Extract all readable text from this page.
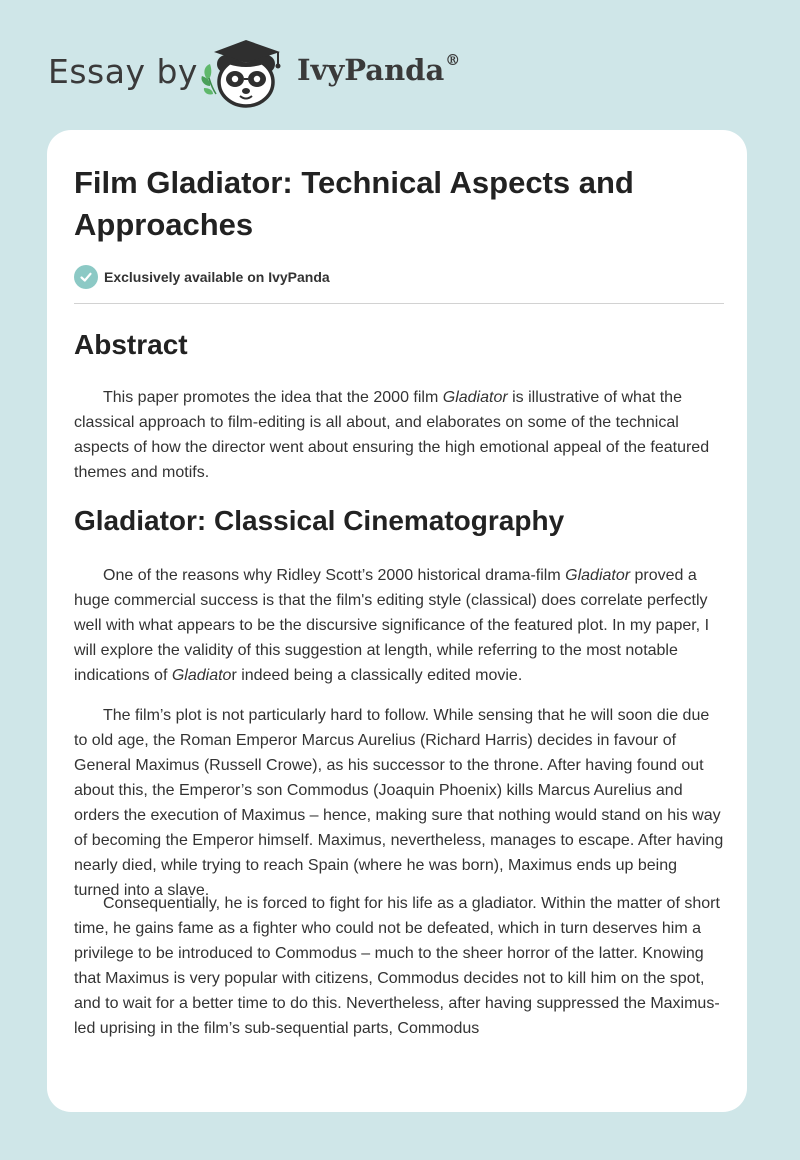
Essay by	IvyPanda®
Film Gladiator: Technical Aspects and Approaches
Exclusively available on IvyPanda
Abstract

This paper promotes the idea that the 2000 film Gladiator is illustrative of what the classical approach to film-editing is all about, and elaborates on some of the technical aspects of how the director went about ensuring the high emotional appeal of the featured themes and motifs.

Gladiator: Classical Cinematography

One of the reasons why Ridley Scott’s 2000 historical drama-film Gladiator proved a huge commercial success is that the film's editing style (classical) does correlate perfectly well with what appears to be the discursive significance of the featured plot. In my paper, I will explore the validity of this suggestion at length, while referring to the most notable indications of Gladiator indeed being a classically edited movie.

The film’s plot is not particularly hard to follow. While sensing that he will soon die due to old age, the Roman Emperor Marcus Aurelius (Richard Harris) decides in favour of General Maximus (Russell Crowe), as his successor to the throne. After having found out about this, the Emperor’s son Commodus (Joaquin Phoenix) kills Marcus Aurelius and orders the execution of Maximus – hence, making sure that nothing would stand on his way of becoming the Emperor himself. Maximus, nevertheless, manages to escape. After having nearly died, while trying to reach Spain (where he was born), Maximus ends up being turned into a slave.

Consequentially, he is forced to fight for his life as a gladiator. Within the matter of short time, he gains fame as a fighter who could not be defeated, which in turn deserves him a privilege to be introduced to Commodus – much to the sheer horror of the latter. Knowing that Maximus is very popular with citizens, Commodus decides not to kill him on the spot, and to wait for a better time to do this. Nevertheless, after having suppressed the Maximus-led uprising in the film’s sub-sequential parts, Commodus
